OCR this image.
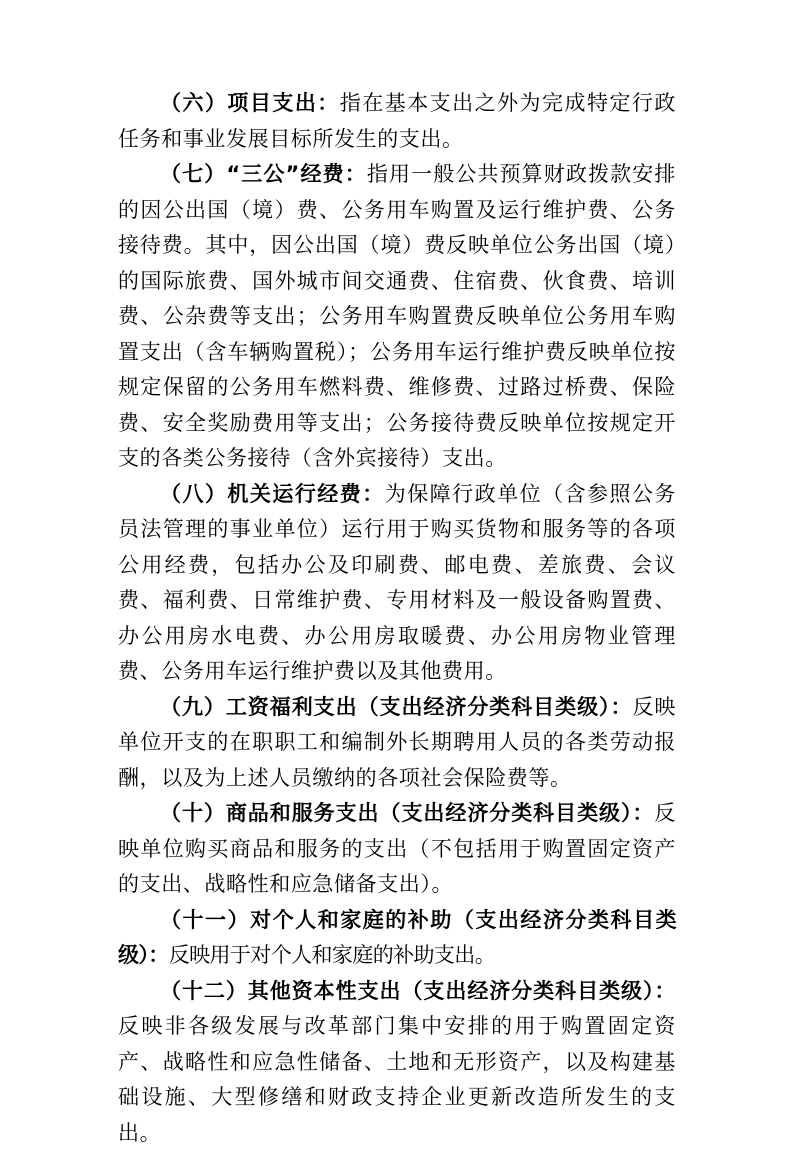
（六）项目支出：指在基本支出之外为完成特定行政任务和事业发展目标所发生的支出。

（七）“三公”经费：指用一般公共预算财政拨款安排的因公出国（境）费、公务用车购置及运行维护费、公务接待费。其中，因公出国（境）费反映单位公务出国（境）的国际旅费、国外城市间交通费、住宿费、伙食费、培训费、公杂费等支出；公务用车购置费反映单位公务用车购置支出（含车辆购置税）；公务用车运行维护费反映单位按规定保留的公务用车燃料费、维修费、过路过桥费、保险费、安全奖励费用等支出；公务接待费反映单位按规定开支的各类公务接待（含外宾接待）支出。

（八）机关运行经费：为保障行政单位（含参照公务员法管理的事业单位）运行用于购买货物和服务等的各项公用经费，包括办公及印刷费、邮电费、差旅费、会议费、福利费、日常维护费、专用材料及一般设备购置费、办公用房水电费、办公用房取暖费、办公用房物业管理费、公务用车运行维护费以及其他费用。

（九）工资福利支出（支出经济分类科目类级）：反映单位开支的在职职工和编制外长期聘用人员的各类劳动报酬，以及为上述人员缴纳的各项社会保险费等。

（十）商品和服务支出（支出经济分类科目类级）：反映单位购买商品和服务的支出（不包括用于购置固定资产的支出、战略性和应急储备支出）。

（十一）对个人和家庭的补助（支出经济分类科目类级）：反映用于对个人和家庭的补助支出。

（十二）其他资本性支出（支出经济分类科目类级）：反映非各级发展与改革部门集中安排的用于购置固定资产、战略性和应急性储备、土地和无形资产，以及构建基础设施、大型修缮和财政支持企业更新改造所发生的支出。
